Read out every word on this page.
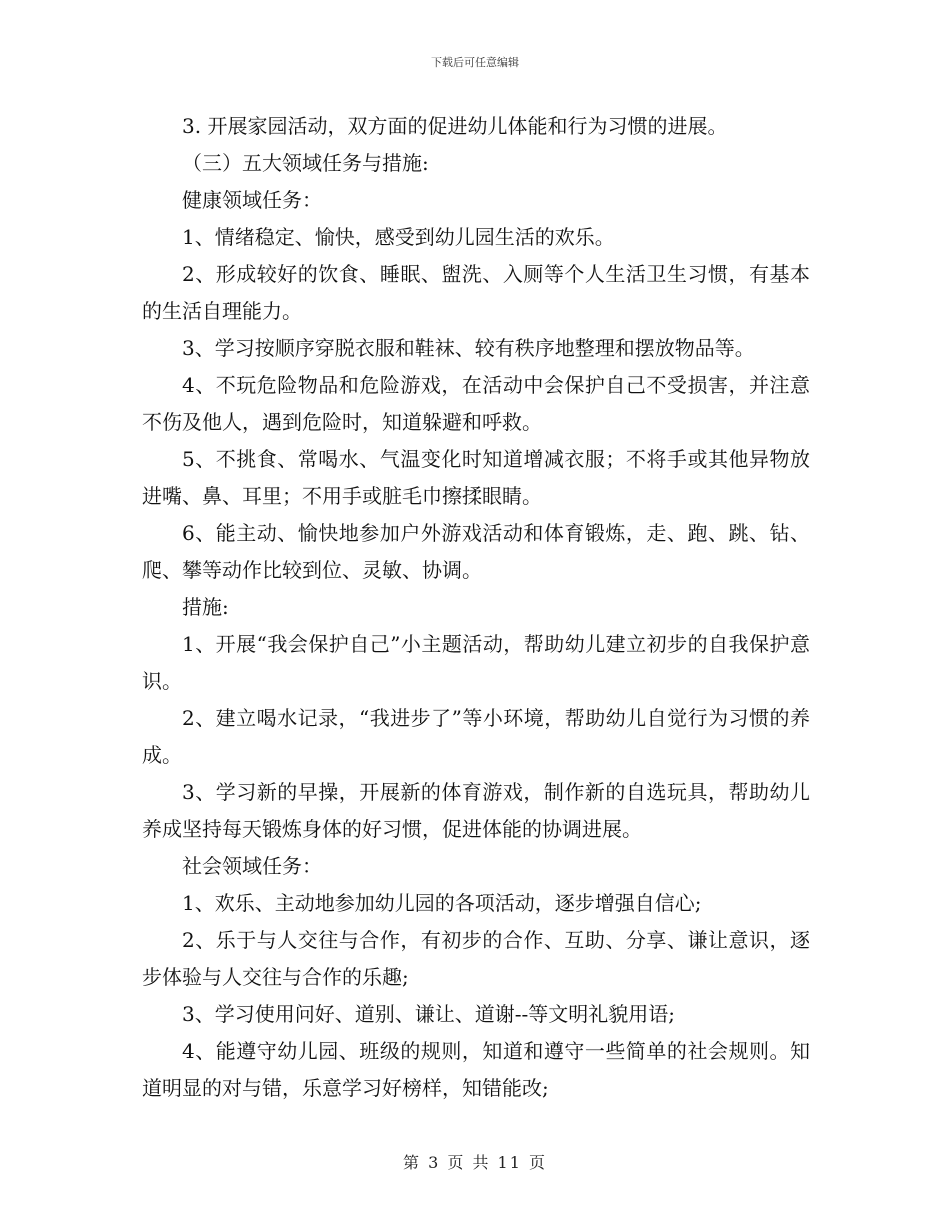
下载后可任意编辑

3. 开展家园活动，双方面的促进幼儿体能和行为习惯的进展。

（三）五大领域任务与措施:

健康领域任务：

1、情绪稳定、愉快，感受到幼儿园生活的欢乐。

2、形成较好的饮食、睡眠、盥洗、入厕等个人生活卫生习惯，有基本的生活自理能力。

3、学习按顺序穿脱衣服和鞋袜、较有秩序地整理和摆放物品等。

4、不玩危险物品和危险游戏，在活动中会保护自己不受损害，并注意不伤及他人，遇到危险时，知道躲避和呼救。

5、不挑食、常喝水、气温变化时知道增减衣服；不将手或其他异物放进嘴、鼻、耳里；不用手或脏毛巾擦揉眼睛。

6、能主动、愉快地参加户外游戏活动和体育锻炼，走、跑、跳、钻、爬、攀等动作比较到位、灵敏、协调。

措施:

1、开展“我会保护自己”小主题活动，帮助幼儿建立初步的自我保护意识。

2、建立喝水记录，“我进步了”等小环境，帮助幼儿自觉行为习惯的养成。

3、学习新的早操，开展新的体育游戏，制作新的自选玩具，帮助幼儿养成坚持每天锻炼身体的好习惯，促进体能的协调进展。

社会领域任务：

1、欢乐、主动地参加幼儿园的各项活动，逐步增强自信心;

2、乐于与人交往与合作，有初步的合作、互助、分享、谦让意识，逐步体验与人交往与合作的乐趣;

3、学习使用问好、道别、谦让、道谢--等文明礼貌用语;

4、能遵守幼儿园、班级的规则，知道和遵守一些简单的社会规则。知道明显的对与错，乐意学习好榜样，知错能改;

第 3 页 共 11 页
